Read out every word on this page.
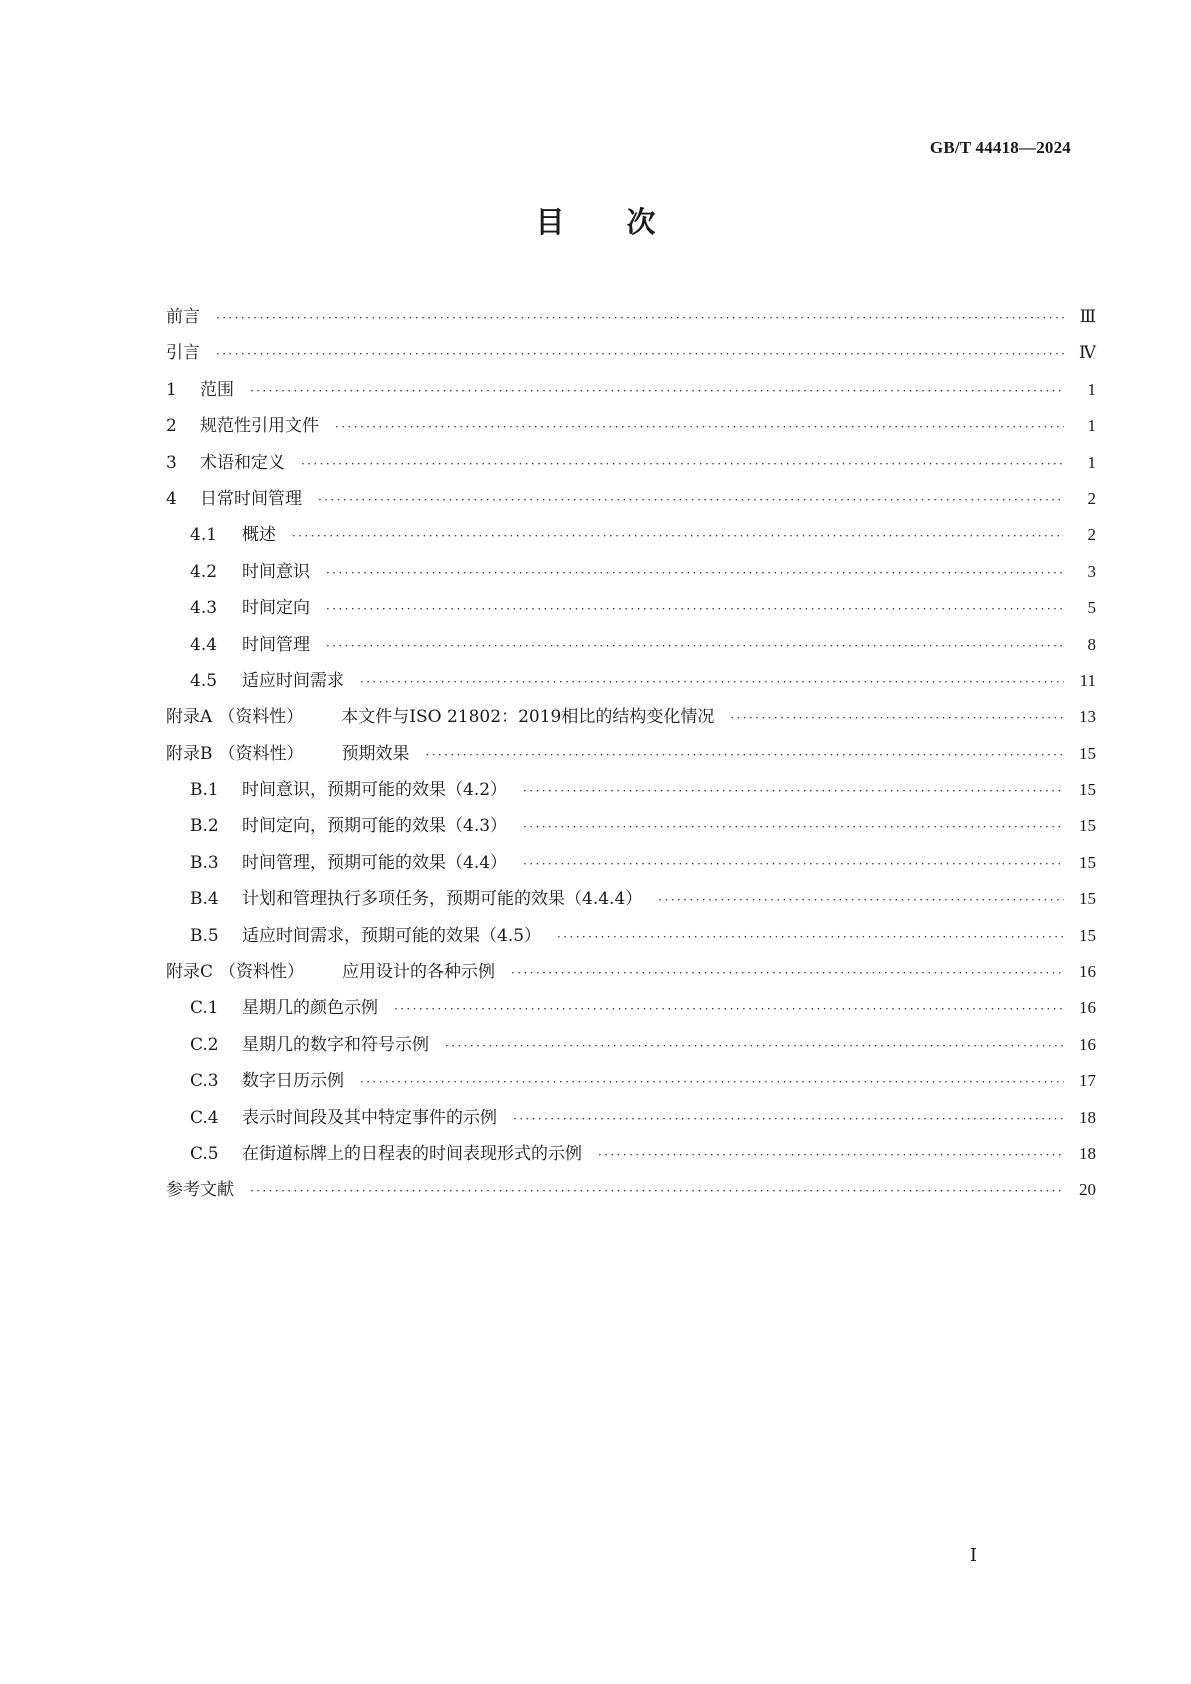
GB/T 44418—2024
目次
前言 ·····	Ⅲ
引言 ·····	Ⅳ
1	范围 ·····	1
2	规范性引用文件 ·····	1
3	术语和定义 ·····	1
4	日常时间管理 ·····	2
4.1	概述 ·····	2
4.2	时间意识 ·····	3
4.3	时间定向 ·····	5
4.4	时间管理 ·····	8
4.5	适应时间需求 ·····	11
附录A （资料性） 本文件与ISO 21802：2019相比的结构变化情况 ·····	13
附录B （资料性） 预期效果 ·····	15
B.1	时间意识，预期可能的效果（4.2） ·····	15
B.2	时间定向，预期可能的效果（4.3） ·····	15
B.3	时间管理，预期可能的效果（4.4） ·····	15
B.4	计划和管理执行多项任务，预期可能的效果（4.4.4） ·····	15
B.5	适应时间需求，预期可能的效果（4.5） ·····	15
附录C （资料性） 应用设计的各种示例 ·····	16
C.1	星期几的颜色示例 ·····	16
C.2	星期几的数字和符号示例 ·····	16
C.3	数字日历示例 ·····	17
C.4	表示时间段及其中特定事件的示例 ·····	18
C.5	在街道标牌上的日程表的时间表现形式的示例 ·····	18
参考文献 ·····	20
Ⅰ
